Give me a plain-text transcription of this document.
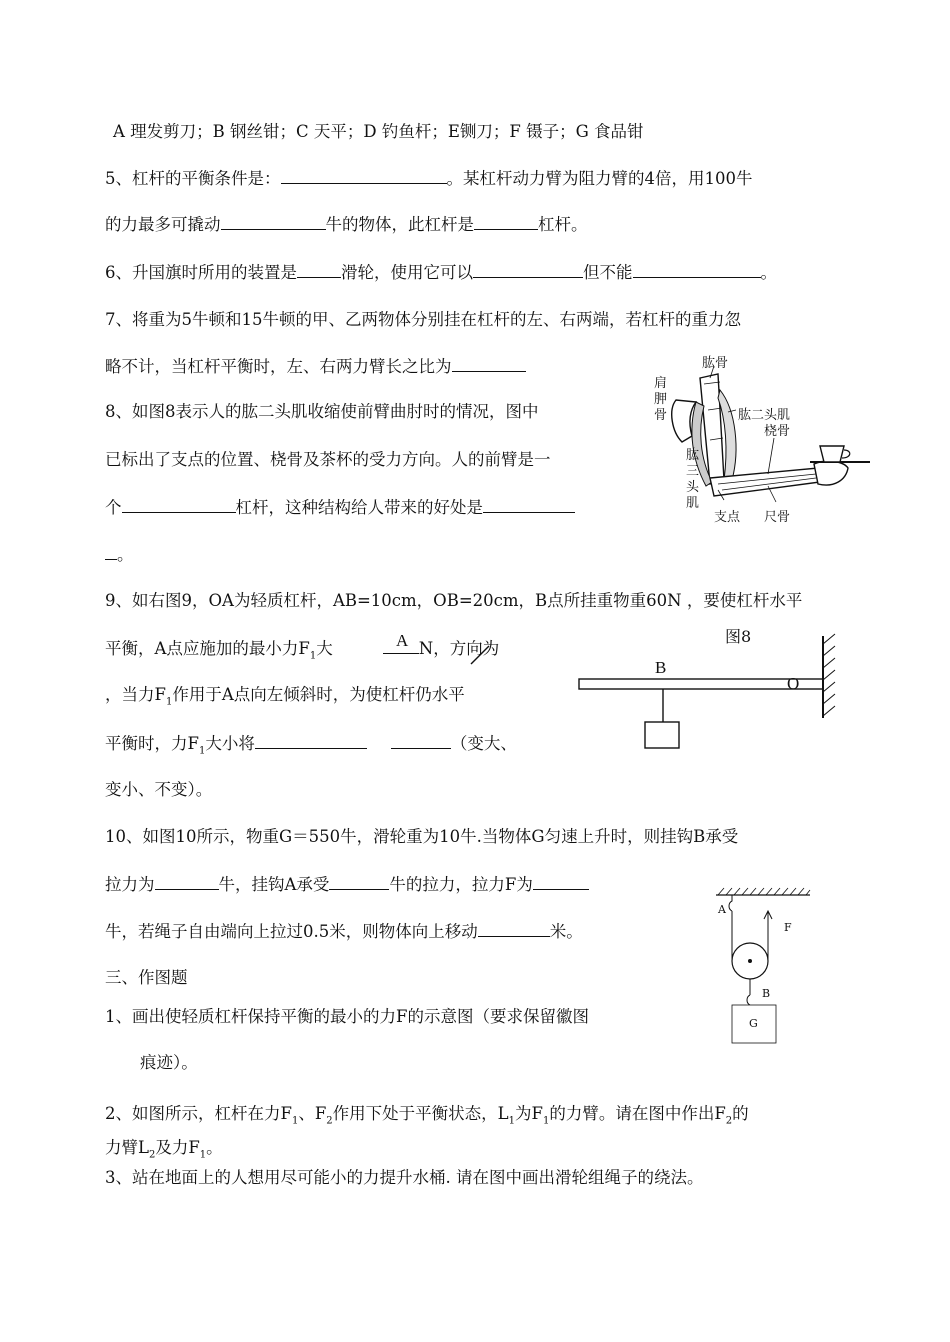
A 理发剪刀；B 钢丝钳；C 天平；D 钓鱼杆；E铡刀；F 镊子；G 食品钳
5、杠杆的平衡条件是：	。某杠杆动力臂为阻力臂的4倍，用100牛
的力最多可撬动	牛的物体，此杠杆是	杠杆。
6、升国旗时所用的装置是	滑轮，使用它可以	但不能	。
7、将重为5牛顿和15牛顿的甲、乙两物体分别挂在杠杆的左、右两端，若杠杆的重力忽
略不计，当杠杆平衡时，左、右两力臂长之比为
8、如图8表示人的肱二头肌收缩使前臂曲肘时的情况，图中
已标出了支点的位置、桡骨及茶杯的受力方向。人的前臂是一
个	杠杆，这种结构给人带来的好处是
。
肱骨
肩
胛
骨	肱二头肌
桡骨
肱
三
头
肌
支点 尺骨
图8
9、如右图9，OA为轻质杠杆，AB=10cm，OB=20cm，B点所挂重物重60N ，要使杠杆水平
平衡，A点应施加的最小力$F_1$大	N，方向为
，当力$F_1$作用于A点向左倾斜时，为使杠杆仍水平
平衡时，力$F_1$大小将	（变大、
变小、不变）。
A
B
O
10、如图10所示，物重G＝550牛，滑轮重为10牛.当物体G匀速上升时，则挂钩B承受
拉力为	牛，挂钩A承受	牛的拉力，拉力F为
牛，若绳子自由端向上拉过0.5米，则物体向上移动	米。
A
F
B
G
三、作图题
1、画出使轻质杠杆保持平衡的最小的力F的示意图（要求保留徽图
痕迹）。
2、如图所示，杠杆在力$F_1$、$F_2$作用下处于平衡状态，$L_1$为$F_1$的力臂。请在图中作出$F_2$的
力臂$L_2$及力$F_1$。
3、站在地面上的人想用尽可能小的力提升水桶. 请在图中画出滑轮组绳子的绕法。
